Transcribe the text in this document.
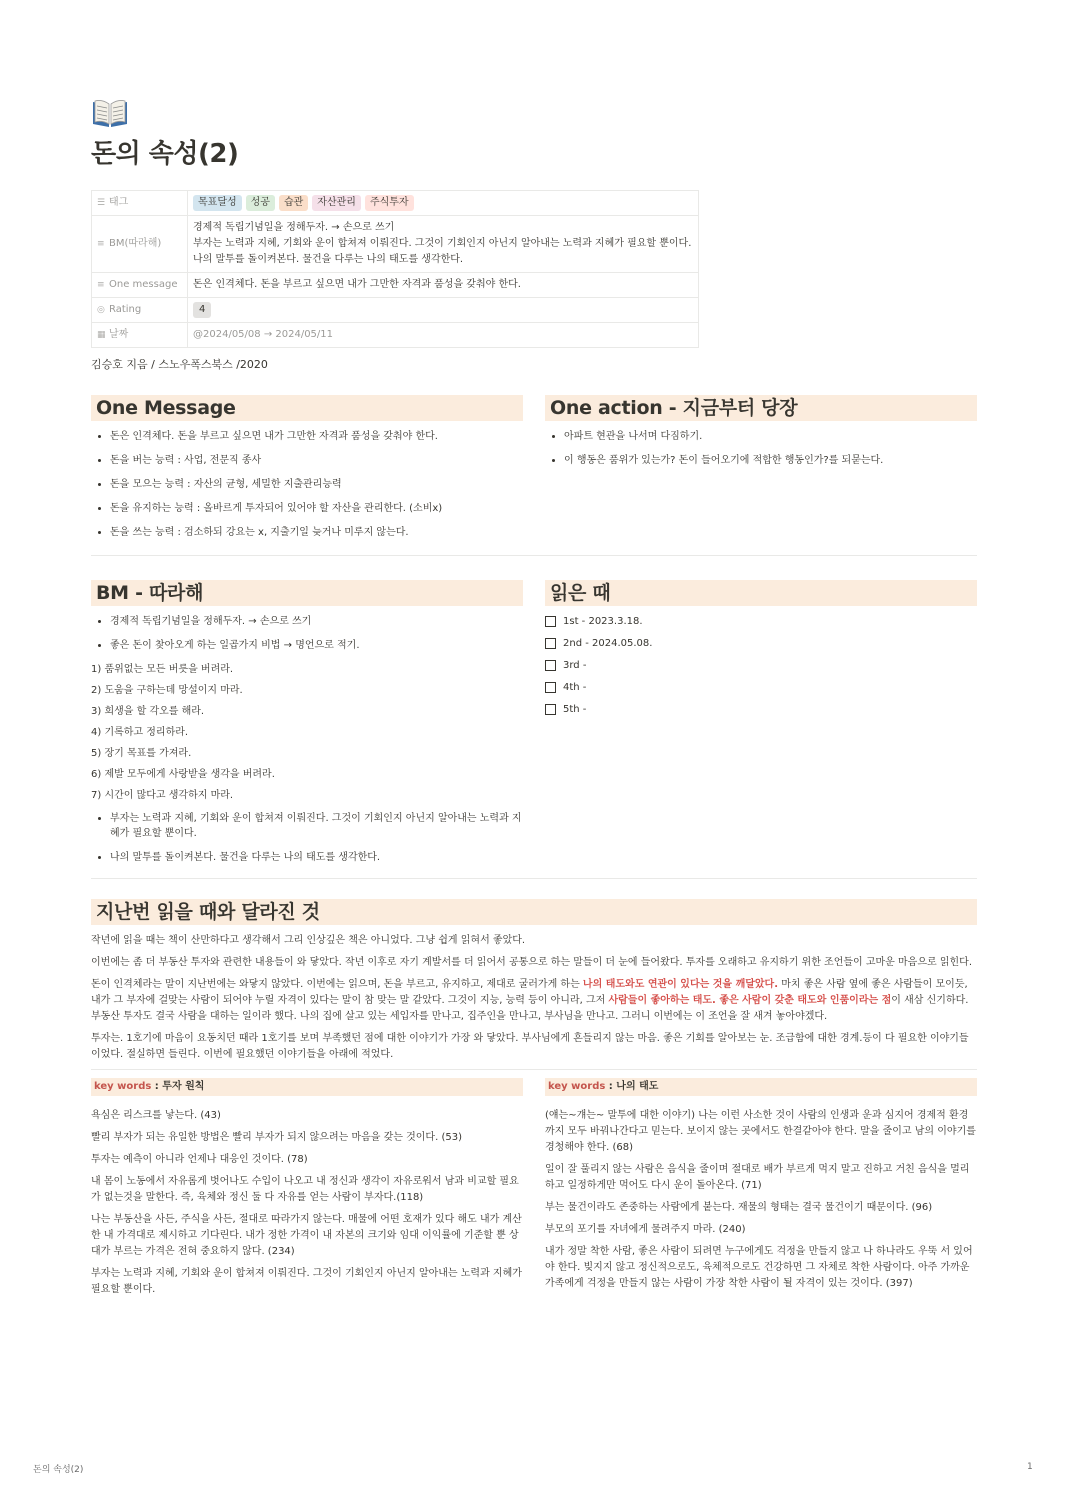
돈의 속성(2)
☰ 태그	목표달성 성공 습관 자산관리 주식투자
≡ BM(따라해)	경제적 독립기념일을 정해두자. → 손으로 쓰기
부자는 노력과 지혜, 기회와 운이 합쳐져 이뤄진다. 그것이 기회인지 아닌지 알아내는 노력과 지혜가 필요할 뿐이다.
나의 말투를 돌이켜본다. 물건을 다루는 나의 태도를 생각한다.

≡ One message	돈은 인격체다. 돈을 부르고 싶으면 내가 그만한 자격과 품성을 갖춰야 한다.
◎ Rating	4
▦ 날짜	@2024/05/08 → 2024/05/11
김승호 지음 / 스노우폭스북스 /2020
One Message
• 돈은 인격체다. 돈을 부르고 싶으면 내가 그만한 자격과 품성을 갖춰야 한다.
• 돈을 버는 능력 : 사업, 전문직 종사
• 돈을 모으는 능력 : 자산의 균형, 세밀한 지출관리능력
• 돈을 유지하는 능력 : 올바르게 투자되어 있어야 할 자산을 관리한다. (소비x)
• 돈을 쓰는 능력 : 검소하되 강요는 x, 지출기일 늦거나 미루지 않는다.
One action - 지금부터 당장
• 아파트 현관을 나서며 다짐하기.
• 이 행동은 품위가 있는가? 돈이 들어오기에 적합한 행동인가?를 되묻는다.
BM - 따라해
• 경제적 독립기념일을 정해두자. → 손으로 쓰기
• 좋은 돈이 찾아오게 하는 일곱가지 비법 → 명언으로 적기.
1) 품위없는 모든 버릇을 버려라.
2) 도움을 구하는데 망설이지 마라.
3) 희생을 할 각오를 해라.
4) 기록하고 정리하라.
5) 장기 목표를 가져라.
6) 제발 모두에게 사랑받을 생각을 버려라.
7) 시간이 많다고 생각하지 마라.
• 부자는 노력과 지혜, 기회와 운이 합쳐져 이뤄진다. 그것이 기회인지 아닌지 알아내는 노력과 지혜가 필요할 뿐이다.
• 나의 말투를 돌이켜본다. 물건을 다루는 나의 태도를 생각한다.
읽은 때
1st - 2023.3.18.
2nd - 2024.05.08.
3rd -
4th -
5th -
지난번 읽을 때와 달라진 것
작년에 읽을 때는 책이 산만하다고 생각해서 그리 인상깊은 책은 아니었다. 그냥 쉽게 읽혀서 좋았다.
이번에는 좀 더 부동산 투자와 관련한 내용들이 와 닿았다. 작년 이후로 자기 계발서를 더 읽어서 공통으로 하는 말들이 더 눈에 들어왔다. 투자를 오래하고 유지하기 위한 조언들이 고마운 마음으로 읽힌다.
돈이 인격체라는 말이 지난번에는 와닿지 않았다. 이번에는 읽으며, 돈을 부르고, 유지하고, 제대로 굴러가게 하는 나의 태도와도 연관이 있다는 것을 깨달았다. 마치 좋은 사람 옆에 좋은 사람들이 모이듯, 내가 그 부자에 걸맞는 사람이 되어야 누릴 자격이 있다는 말이 참 맞는 말 같았다. 그것이 지능, 능력 등이 아니라, 그저 사람들이 좋아하는 태도. 좋은 사람이 갖춘 태도와 인품이라는 점이 새삼 신기하다. 부동산 투자도 결국 사람을 대하는 일이라 했다. 나의 집에 살고 있는 세입자를 만나고, 집주인을 만나고, 부사님을 만나고. 그러니 이번에는 이 조언을 잘 새겨 놓아야겠다.
투자는. 1호기에 마음이 요동치던 때라 1호기를 보며 부족했던 점에 대한 이야기가 가장 와 닿았다. 부사님에게 흔들리지 않는 마음. 좋은 기회를 알아보는 눈. 조급함에 대한 경계.등이 다 필요한 이야기들이었다. 절실하면 들린다. 이번에 필요했던 이야기들을 아래에 적었다.
key words : 투자 원칙
욕심은 리스크를 낳는다. (43)
빨리 부자가 되는 유일한 방법은 빨리 부자가 되지 않으려는 마음을 갖는 것이다. (53)
투자는 예측이 아니라 언제나 대응인 것이다. (78)
내 몸이 노동에서 자유롭게 벗어나도 수입이 나오고 내 정신과 생각이 자유로워서 남과 비교할 필요가 없는것을 말한다. 즉, 육체와 정신 둘 다 자유를 얻는 사람이 부자다.(118)
나는 부동산을 사든, 주식을 사든, 절대로 따라가지 않는다. 매물에 어떤 호재가 있다 해도 내가 계산한 내 가격대로 제시하고 기다린다. 내가 정한 가격이 내 자본의 크기와 임대 이익률에 기준할 뿐 상대가 부르는 가격은 전혀 중요하지 않다. (234)
부자는 노력과 지혜, 기회와 운이 합쳐져 이뤄진다. 그것이 기회인지 아닌지 알아내는 노력과 지혜가 필요할 뿐이다.
key words : 나의 태도
(얘는~걔는~ 말투에 대한 이야기) 나는 이런 사소한 것이 사람의 인생과 운과 심지어 경제적 환경까지 모두 바꿔나간다고 믿는다. 보이지 않는 곳에서도 한결같아야 한다. 말을 줄이고 남의 이야기를 경청해야 한다. (68)
일이 잘 풀리지 않는 사람은 음식을 줄이며 절대로 배가 부르게 먹지 말고 진하고 거친 음식을 멀리하고 일정하게만 먹어도 다시 운이 돌아온다. (71)
부는 물건이라도 존중하는 사람에게 붙는다. 재물의 형태는 결국 물건이기 때문이다. (96)
부모의 포기를 자녀에게 물려주지 마라. (240)
내가 정말 착한 사람, 좋은 사람이 되려면 누구에게도 걱정을 만들지 않고 나 하나라도 우뚝 서 있어야 한다. 빚지지 않고 정신적으로도, 육체적으로도 건강하면 그 자체로 착한 사람이다. 아주 가까운 가족에게 걱정을 만들지 않는 사람이 가장 착한 사람이 될 자격이 있는 것이다. (397)
돈의 속성(2)	1
